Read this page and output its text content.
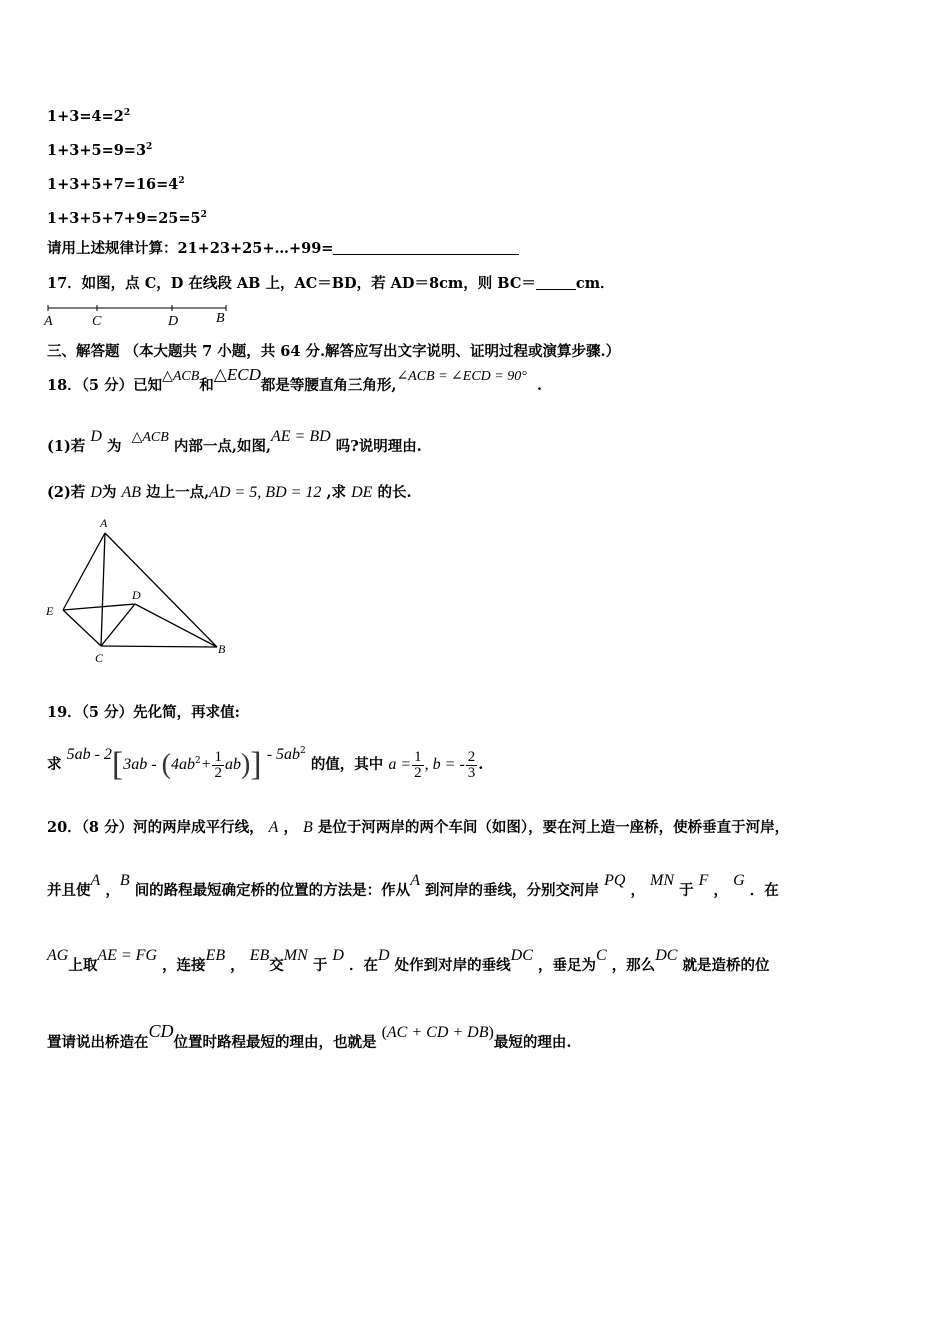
$1+3=4=2^2$
$1+3+5=9=3^2$
$1+3+5+7=16=4^2$
$1+3+5+7+9=25=5^2$
请用上述规律计算：21+23+25+…+99=
17．如图，点 C，D 在线段 AB 上，AC＝BD，若 AD＝8cm，则 BC＝	cm．
A	C	D	B
三、解答题 （本大题共 7 小题，共 64 分.解答应写出文字说明、证明过程或演算步骤.）
18．（5 分）已知△ACB和△ECD都是等腰直角三角形,∠ACB = ∠ECD = 90°  .
(1)若 D 为  △ACB 内部一点,如图,AE = BD 吗?说明理由.
(2)若 D为 AB 边上一点,AD = 5, BD = 12 ,求 DE 的长.
A
D
E
C
B
19．（5 分）先化简，再求值:
求 $5ab - 2[3ab - (4ab^2+ \frac{1}{2} ab)] - 5ab^2$ 的值，其中 $a = \frac{1}{2}$ , b = - $\frac{2}{3}$ .
20．（8 分）河的两岸成平行线， A ， B 是位于河两岸的两个车间（如图），要在河上造一座桥，使桥垂直于河岸，
并且使A ，B 间的路程最短确定桥的位置的方法是：作从A 到河岸的垂线，分别交河岸 PQ ， MN 于 F ， G ．在
AG上取AE = FG ，连接EB ， EB交MN 于 D ．在D 处作到对岸的垂线DC ，垂足为C ，那么DC 就是造桥的位
置请说出桥造在CD位置时路程最短的理由，也就是 (AC + CD + DB)最短的理由.
